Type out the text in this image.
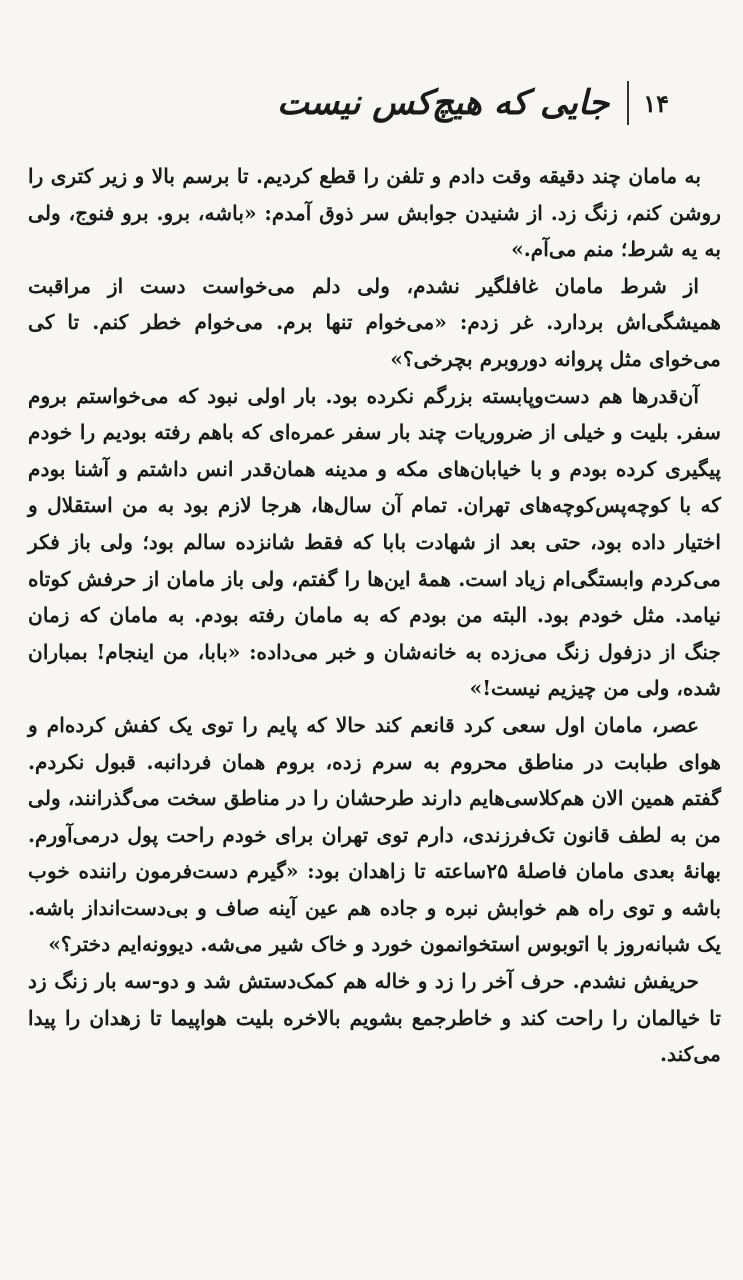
۱۴
جایی که هیچ‌کس نیست

به مامان چند دقیقه وقت دادم و تلفن را قطع کردیم. تا برسم بالا و زیر کتری را روشن کنم، زنگ زد. از شنیدن جوابش سر ذوق آمدم: «باشه، برو. برو فنوج، ولی به یه شرط؛ منم می‌آم.»

از شرط مامان غافلگیر نشدم، ولی دلم می‌خواست دست از مراقبت همیشگی‌اش بردارد. غر زدم: «می‌خوام تنها برم. می‌خوام خطر کنم. تا کی می‌خوای مثل پروانه دوروبرم بچرخی؟»

آن‌قدرها هم دست‌وپابسته بزرگم نکرده بود. بار اولی نبود که می‌خواستم بروم سفر. بلیت و خیلی از ضروریات چند بار سفر عمره‌ای که باهم رفته بودیم را خودم پیگیری کرده بودم و با خیابان‌های مکه و مدینه همان‌قدر انس داشتم و آشنا بودم که با کوچه‌پس‌کوچه‌های تهران. تمام آن سال‌ها، هرجا لازم بود به من استقلال و اختیار داده بود، حتی بعد از شهادت بابا که فقط شانزده سالم بود؛ ولی باز فکر می‌کردم وابستگی‌ام زیاد است. همهٔ این‌ها را گفتم، ولی باز مامان از حرفش کوتاه نیامد. مثل خودم بود. البته من بودم که به مامان رفته بودم. به مامان که زمان جنگ از دزفول زنگ می‌زده به خانه‌شان و خبر می‌داده: «بابا، من اینجام! بمباران شده، ولی من چیزیم نیست!»

عصر، مامان اول سعی کرد قانعم کند حالا که پایم را توی یک کفش کرده‌ام و هوای طبابت در مناطق محروم به سرم زده، بروم همان فردانبه. قبول نکردم. گفتم همین الان هم‌کلاسی‌هایم دارند طرحشان را در مناطق سخت می‌گذرانند، ولی من به لطف قانون تک‌فرزندی، دارم توی تهران برای خودم راحت پول درمی‌آورم. بهانهٔ بعدی مامان فاصلهٔ ۲۵ساعته تا زاهدان بود: «گیرم دست‌فرمون راننده خوب باشه و توی راه هم خوابش نبره و جاده هم عین آینه صاف و بی‌دست‌انداز باشه. یک شبانه‌روز با اتوبوس استخوانمون خورد و خاک شیر می‌شه. دیوونه‌ایم دختر؟»

حریفش نشدم. حرف آخر را زد و خاله هم کمک‌دستش شد و دو-سه بار زنگ زد تا خیالمان را راحت کند و خاطرجمع بشویم بالاخره بلیت هواپیما تا زهدان را پیدا می‌کند.
